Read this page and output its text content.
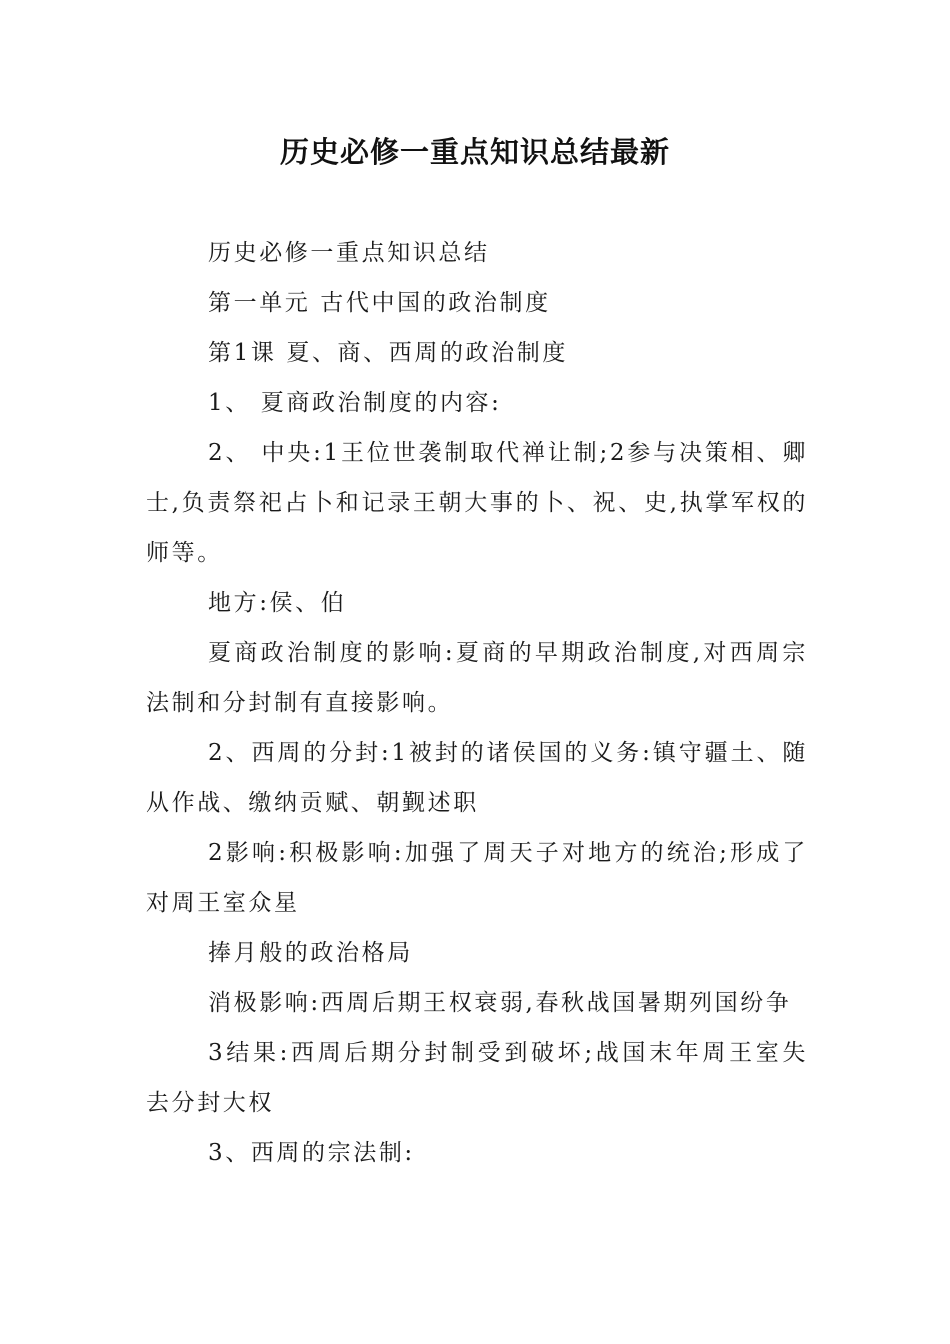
历史必修一重点知识总结最新

历史必修一重点知识总结

第一单元 古代中国的政治制度

第1课 夏、商、西周的政治制度

1、 夏商政治制度的内容:

2、 中央:1王位世袭制取代禅让制;2参与决策相、卿士,负责祭祀占卜和记录王朝大事的卜、祝、史,执掌军权的师等。

地方:侯、伯

夏商政治制度的影响:夏商的早期政治制度,对西周宗法制和分封制有直接影响。

2、西周的分封:1被封的诸侯国的义务:镇守疆土、随从作战、缴纳贡赋、朝觐述职

2影响:积极影响:加强了周天子对地方的统治;形成了对周王室众星

捧月般的政治格局

消极影响:西周后期王权衰弱,春秋战国暑期列国纷争

3结果:西周后期分封制受到破坏;战国末年周王室失去分封大权

3、西周的宗法制:
